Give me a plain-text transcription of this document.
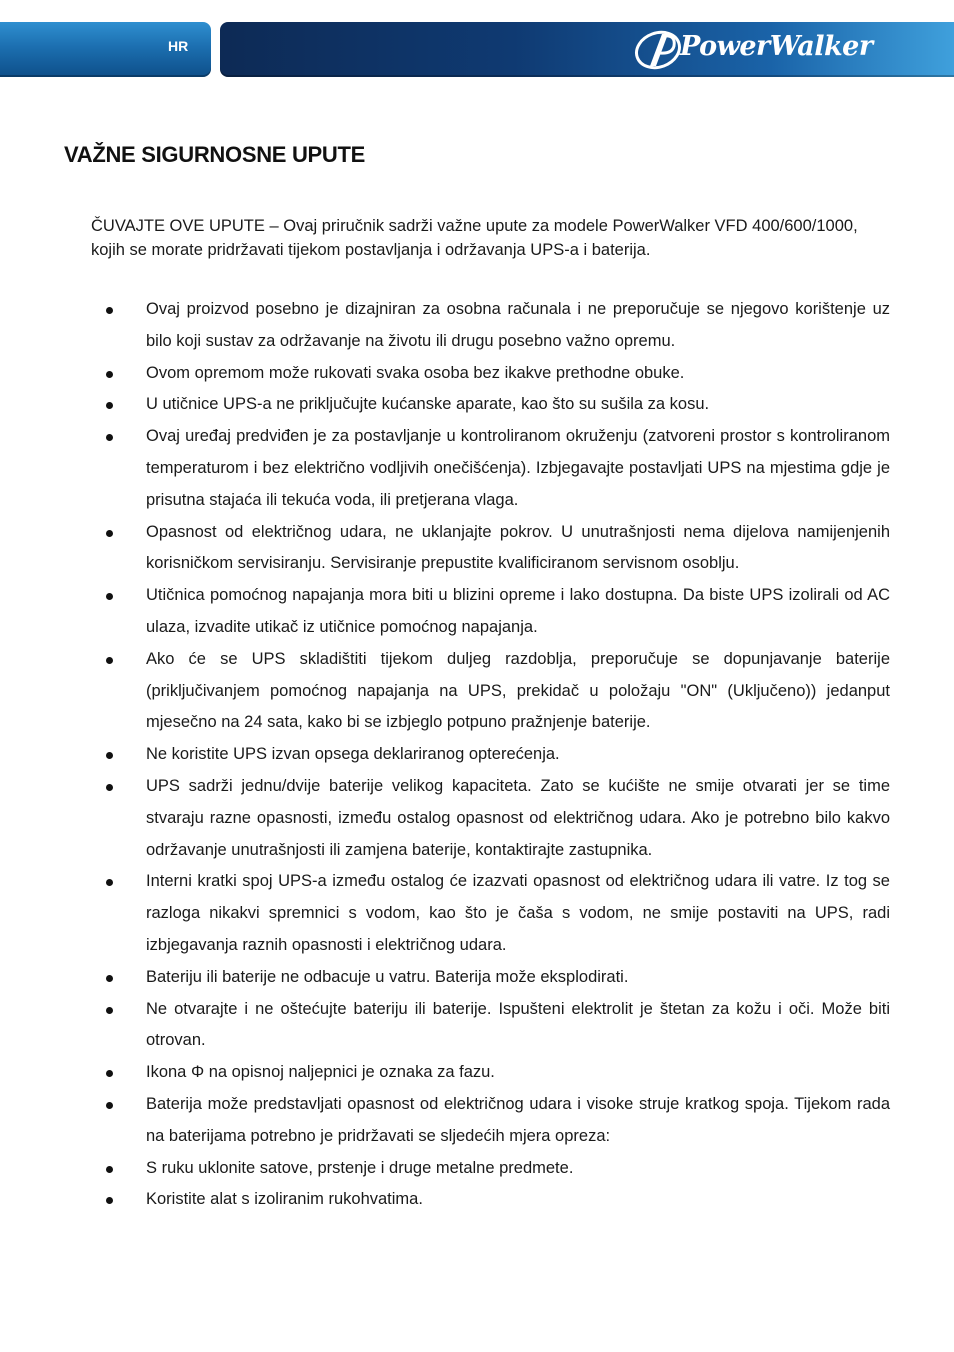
HR	PowerWalker
VAŽNE SIGURNOSNE UPUTE

ČUVAJTE OVE UPUTE – Ovaj priručnik sadrži važne upute za modele PowerWalker VFD 400/600/1000, kojih se morate pridržavati tijekom postavljanja i održavanja UPS-a i baterija.

Ovaj proizvod posebno je dizajniran za osobna računala i ne preporučuje se njegovo korištenje uz bilo koji sustav za održavanje na životu ili drugu posebno važno opremu.
Ovom opremom može rukovati svaka osoba bez ikakve prethodne obuke.
U utičnice UPS-a ne priključujte kućanske aparate, kao što su sušila za kosu.
Ovaj uređaj predviđen je za postavljanje u kontroliranom okruženju (zatvoreni prostor s kontroliranom temperaturom i bez električno vodljivih onečišćenja). Izbjegavajte postavljati UPS na mjestima gdje je prisutna stajaća ili tekuća voda, ili pretjerana vlaga.
Opasnost od električnog udara, ne uklanjajte pokrov. U unutrašnjosti nema dijelova namijenjenih korisničkom servisiranju. Servisiranje prepustite kvalificiranom servisnom osoblju.
Utičnica pomoćnog napajanja mora biti u blizini opreme i lako dostupna. Da biste UPS izolirali od AC ulaza, izvadite utikač iz utičnice pomoćnog napajanja.
Ako će se UPS skladištiti tijekom duljeg razdoblja, preporučuje se dopunjavanje baterije (priključivanjem pomoćnog napajanja na UPS, prekidač u položaju "ON" (Uključeno)) jedanput mjesečno na 24 sata, kako bi se izbjeglo potpuno pražnjenje baterije.
Ne koristite UPS izvan opsega deklariranog opterećenja.
UPS sadrži jednu/dvije baterije velikog kapaciteta. Zato se kućište ne smije otvarati jer se time stvaraju razne opasnosti, između ostalog opasnost od električnog udara. Ako je potrebno bilo kakvo održavanje unutrašnjosti ili zamjena baterije, kontaktirajte zastupnika.
Interni kratki spoj UPS-a između ostalog će izazvati opasnost od električnog udara ili vatre. Iz tog se razloga nikakvi spremnici s vodom, kao što je čaša s vodom, ne smije postaviti na UPS, radi izbjegavanja raznih opasnosti i električnog udara.
Bateriju ili baterije ne odbacuje u vatru. Baterija može eksplodirati.
Ne otvarajte i ne oštećujte bateriju ili baterije. Ispušteni elektrolit je štetan za kožu i oči. Može biti otrovan.
Ikona Φ na opisnoj naljepnici je oznaka za fazu.
Baterija može predstavljati opasnost od električnog udara i visoke struje kratkog spoja. Tijekom rada na baterijama potrebno je pridržavati se sljedećih mjera opreza:
S ruku uklonite satove, prstenje i druge metalne predmete.
Koristite alat s izoliranim rukohvatima.
